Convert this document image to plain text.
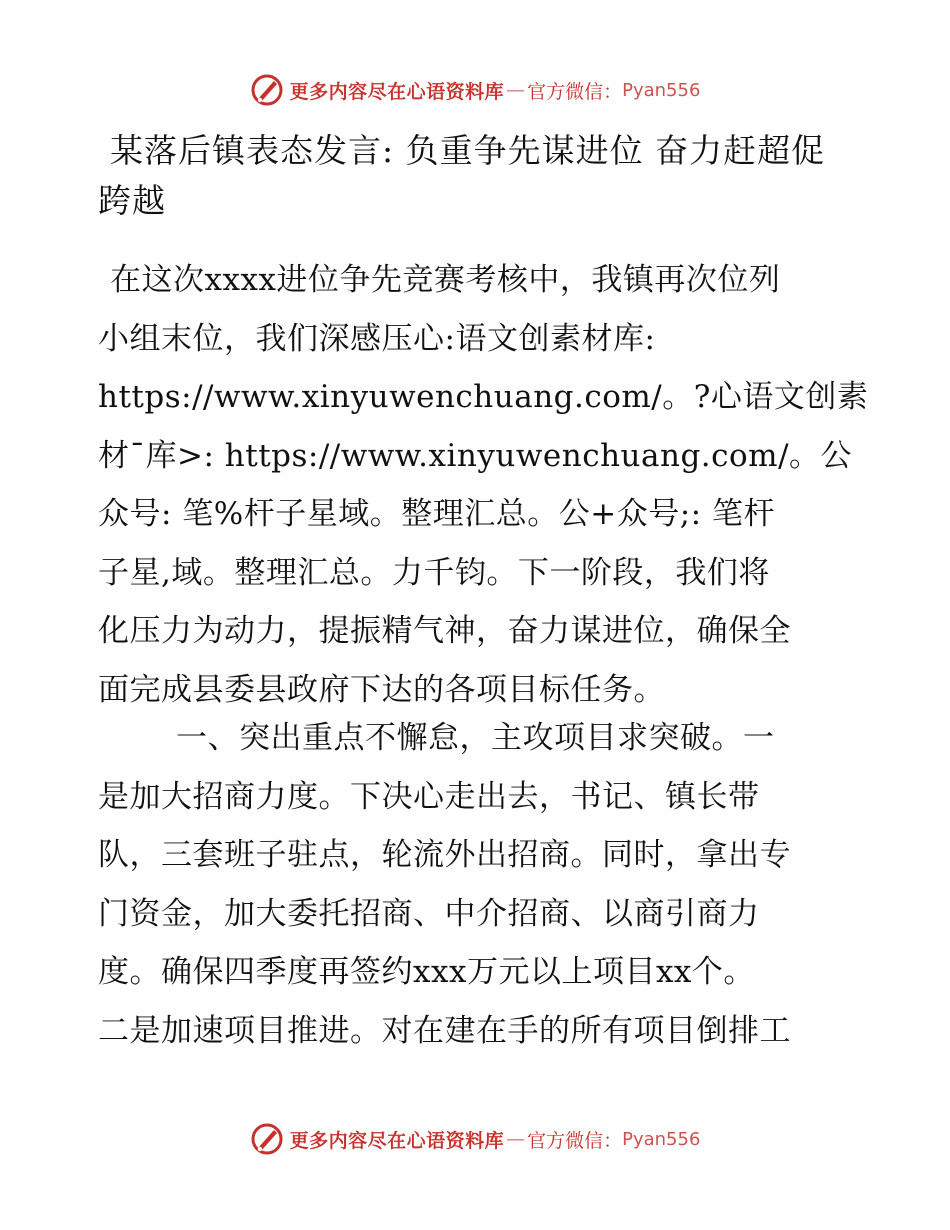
更多内容尽在心语资料库 — 官方微信： Pyan556
某落后镇表态发言: 负重争先谋进位 奋力赶超促
跨越

在这次xxxx进位争先竞赛考核中，我镇再次位列
小组末位，我们深感压心:语文创素材库:
https://www.xinyuwenchuang.com/。?心语文创素
材¯库>: https://www.xinyuwenchuang.com/。公
众号: 笔%杆子星域。整理汇总。公+众号;: 笔杆
子星,域。整理汇总。力千钧。下一阶段，我们将
化压力为动力，提振精气神，奋力谋进位，确保全
面完成县委县政府下达的各项目标任务。

一、突出重点不懈怠，主攻项目求突破。一
是加大招商力度。下决心走出去，书记、镇长带
队，三套班子驻点，轮流外出招商。同时，拿出专
门资金，加大委托招商、中介招商、以商引商力
度。确保四季度再签约xxx万元以上项目xx个。
二是加速项目推进。对在建在手的所有项目倒排工

更多内容尽在心语资料库 — 官方微信： Pyan556
